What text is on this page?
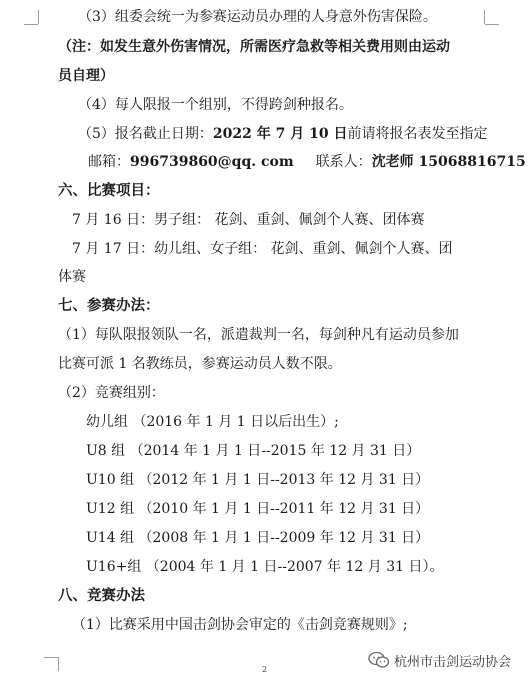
（3）组委会统一为参赛运动员办理的人身意外伤害保险。
（注：如发生意外伤害情况，所需医疗急救等相关费用则由运动
员自理）
（4）每人限报一个组别，不得跨剑种报名。
（5）报名截止日期：2022 年 7 月 10 日前请将报名表发至指定
邮箱：996739860@qq. com 联系人：沈老师 15068816715
六、比赛项目：
7 月 16 日：男子组： 花剑、重剑、佩剑个人赛、团体赛
7 月 17 日：幼儿组、女子组： 花剑、重剑、佩剑个人赛、团
体赛
七、参赛办法：
（1）每队限报领队一名，派遣裁判一名，每剑种凡有运动员参加
比赛可派 1 名教练员，参赛运动员人数不限。
（2）竞赛组别：
幼儿组 （2016 年 1 月 1 日以后出生）;
U8 组 （2014 年 1 月 1 日--2015 年 12 月 31 日）
U10 组 （2012 年 1 月 1 日--2013 年 12 月 31 日）
U12 组 （2010 年 1 月 1 日--2011 年 12 月 31 日）
U14 组 （2008 年 1 月 1 日--2009 年 12 月 31 日）
U16+组 （2004 年 1 月 1 日--2007 年 12 月 31 日）。
八、竞赛办法
（1）比赛采用中国击剑协会审定的《击剑竞赛规则》;
2	杭州市击剑运动协会
